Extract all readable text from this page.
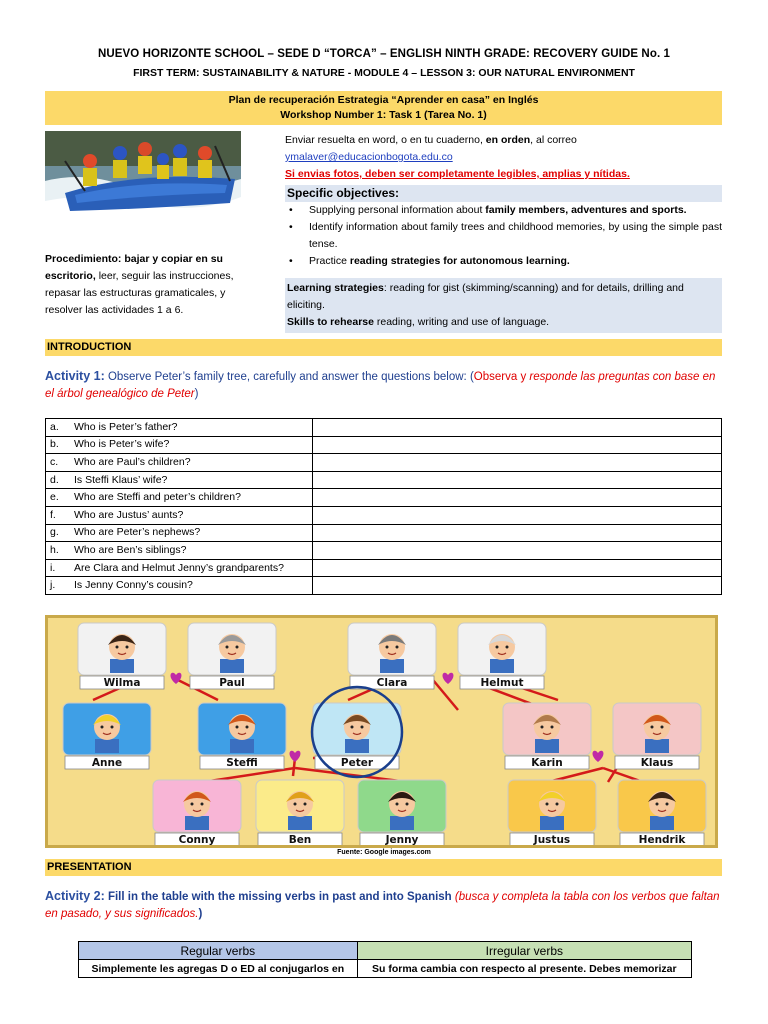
NUEVO HORIZONTE SCHOOL – SEDE D “TORCA” – ENGLISH NINTH GRADE: RECOVERY GUIDE No. 1
FIRST TERM: SUSTAINABILITY & NATURE - MODULE 4 – LESSON 3: OUR NATURAL ENVIRONMENT
Plan de recuperación Estrategia “Aprender en casa” en Inglés
Workshop Number 1: Task 1 (Tarea No. 1)
Procedimiento: bajar y copiar en su escritorio, leer, seguir las instrucciones, repasar las estructuras gramaticales, y resolver las actividades 1 a 6.
Enviar resuelta en word, o en tu cuaderno, en orden, al correo
ymalaver@educacionbogota.edu.co
Si envias fotos, deben ser completamente legibles, amplias y nítidas.
Specific objectives:
• Supplying personal information about family members, adventures and sports.
• Identify information about family trees and childhood memories, by using the simple past tense.
• Practice reading strategies for autonomous learning.
Learning strategies: reading for gist (skimming/scanning) and for details, drilling and eliciting.
Skills to rehearse reading, writing and use of language.
INTRODUCTION
Activity 1: Observe Peter’s family tree, carefully and answer the questions below: (Observa y responde las preguntas con base en el árbol genealógico de Peter)
a. Who is Peter’s father?	
b. Who is Peter’s wife?	
c. Who are Paul’s children?	
d. Is Steffi Klaus’ wife?	
e. Who are Steffi and peter’s children?	
f. Who are Justus’ aunts?	
g. Who are Peter’s nephews?	
h. Who are Ben’s siblings?	
i. Are Clara and Helmut Jenny’s grandparents?	
j. Is Jenny Conny’s cousin?	
Wilma	Paul	Clara	Helmut
Anne	Steffi	Peter	Karin	Klaus
Conny	Ben	Jenny	Justus	Hendrik
Fuente: Google images.com
PRESENTATION
Activity 2: Fill in the table with the missing verbs in past and into Spanish (busca y completa la tabla con los verbos que faltan en pasado, y sus significados.)
Regular verbs	Irregular verbs
Simplemente les agregas D o ED al conjugarlos en	Su forma cambia con respecto al presente. Debes memorizar
